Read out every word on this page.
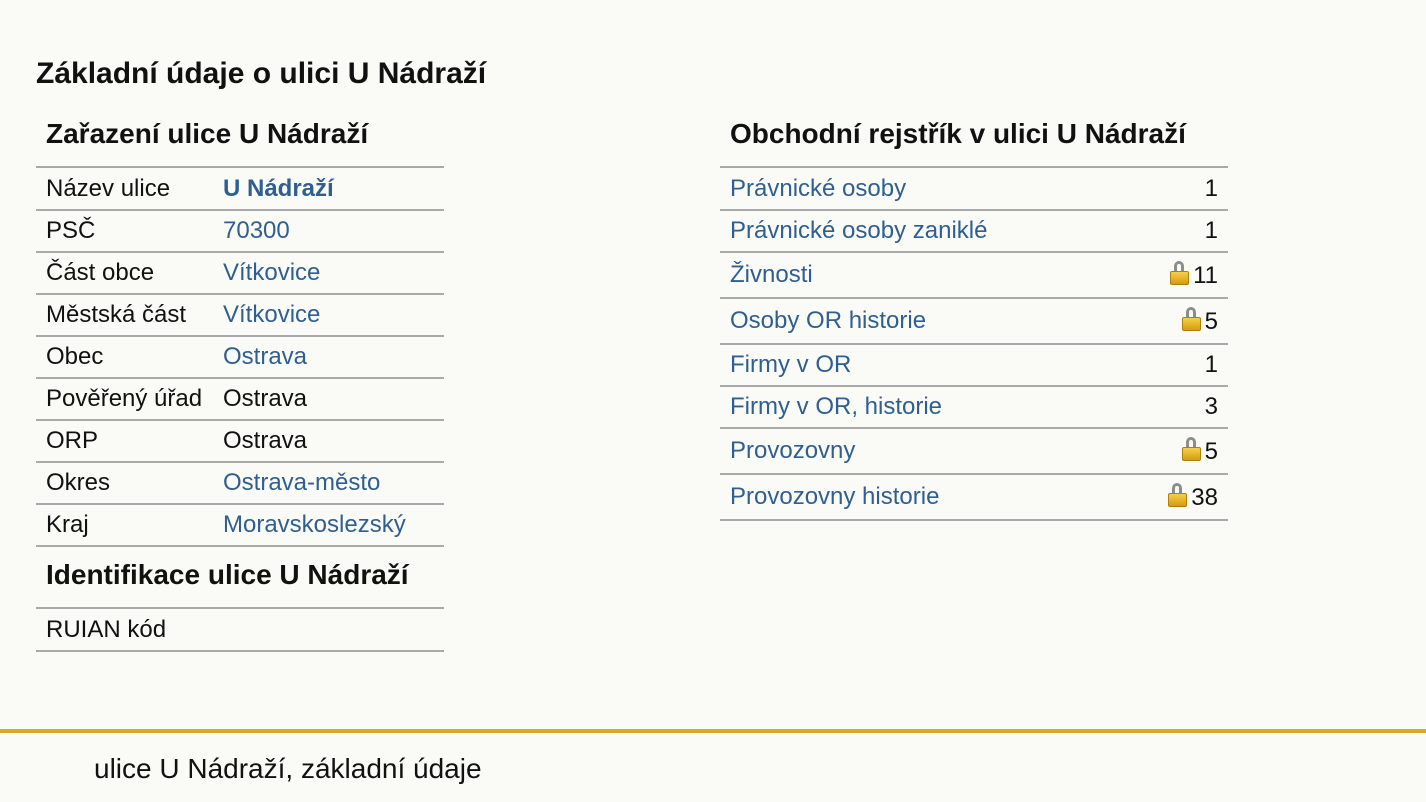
Základní údaje o ulici U Nádraží
Zařazení ulice U Nádraží
Název ulice	U Nádraží
PSČ	70300
Část obce	Vítkovice
Městská část	Vítkovice
Obec	Ostrava
Pověřený úřad	Ostrava
ORP	Ostrava
Okres	Ostrava-město
Kraj	Moravskoslezský
Identifikace ulice U Nádraží
RUIAN kód	
Obchodní rejstřík v ulici U Nádraží
Právnické osoby	1
Právnické osoby zaniklé	1
Živnosti	11
Osoby OR historie	5
Firmy v OR	1
Firmy v OR, historie	3
Provozovny	5
Provozovny historie	38
ulice U Nádraží, základní údaje
